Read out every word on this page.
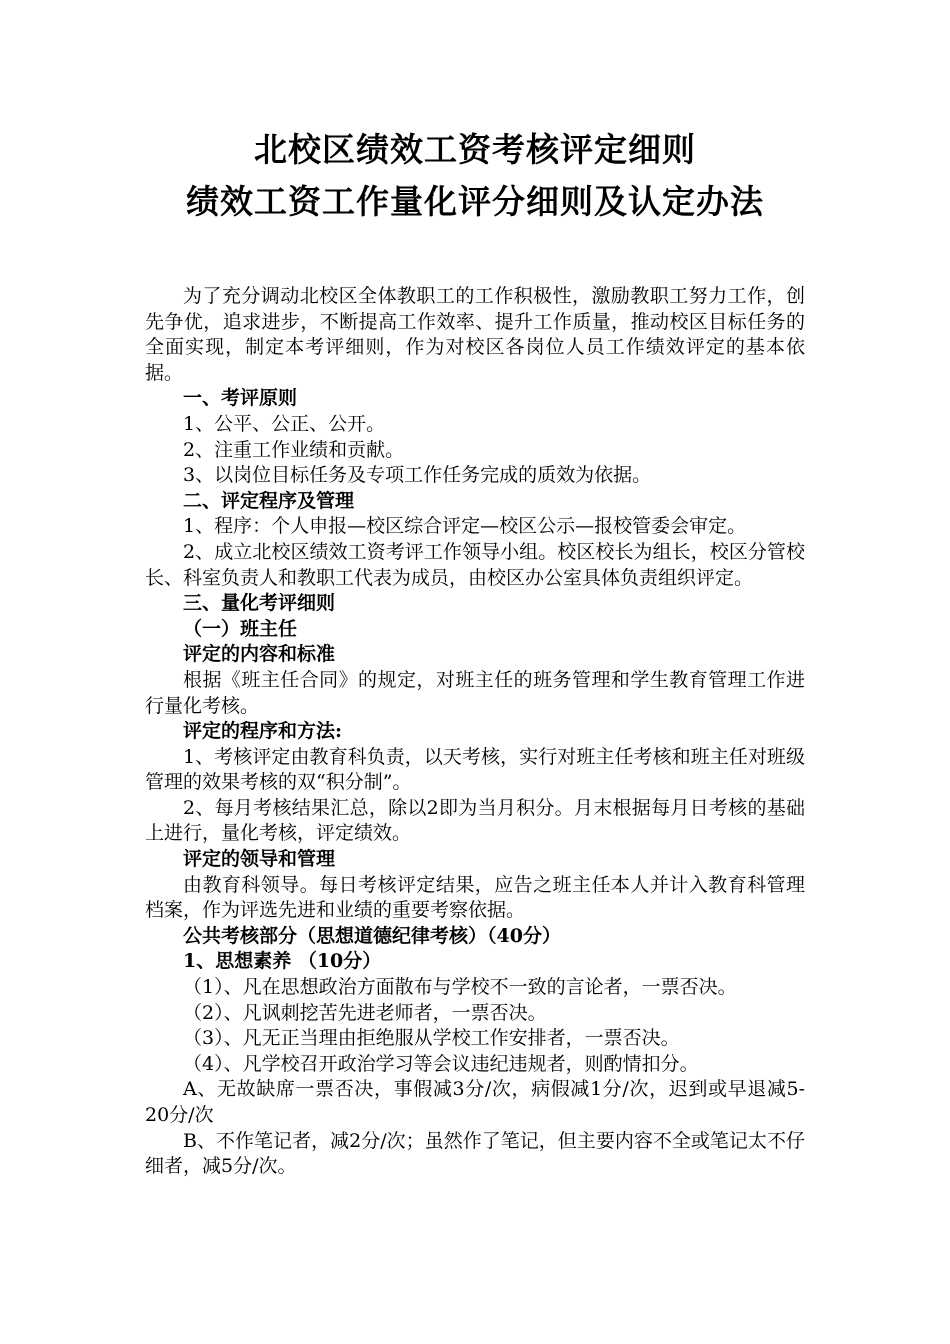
北校区绩效工资考核评定细则
绩效工资工作量化评分细则及认定办法
为了充分调动北校区全体教职工的工作积极性，激励教职工努力工作，创先争优，追求进步，不断提高工作效率、提升工作质量，推动校区目标任务的全面实现，制定本考评细则，作为对校区各岗位人员工作绩效评定的基本依据。
一、考评原则
1、公平、公正、公开。
2、注重工作业绩和贡献。
3、以岗位目标任务及专项工作任务完成的质效为依据。
二、评定程序及管理
1、程序：个人申报—校区综合评定—校区公示—报校管委会审定。
2、成立北校区绩效工资考评工作领导小组。校区校长为组长，校区分管校长、科室负责人和教职工代表为成员，由校区办公室具体负责组织评定。
三、量化考评细则
（一）班主任
评定的内容和标准
根据《班主任合同》的规定，对班主任的班务管理和学生教育管理工作进行量化考核。
评定的程序和方法:
1、考核评定由教育科负责，以天考核，实行对班主任考核和班主任对班级管理的效果考核的双“积分制”。
2、每月考核结果汇总，除以2即为当月积分。月末根据每月日考核的基础上进行，量化考核，评定绩效。
评定的领导和管理
由教育科领导。每日考核评定结果，应告之班主任本人并计入教育科管理档案，作为评选先进和业绩的重要考察依据。
公共考核部分（思想道德纪律考核）（40分）
1、思想素养 （10分）
（1）、凡在思想政治方面散布与学校不一致的言论者，一票否决。
（2）、凡讽刺挖苦先进老师者，一票否决。
（3）、凡无正当理由拒绝服从学校工作安排者，一票否决。
（4）、凡学校召开政治学习等会议违纪违规者，则酌情扣分。
A、无故缺席一票否决，事假减3分/次，病假减1分/次，迟到或早退减5-20分/次
B、不作笔记者，减2分/次；虽然作了笔记，但主要内容不全或笔记太不仔细者，减5分/次。
